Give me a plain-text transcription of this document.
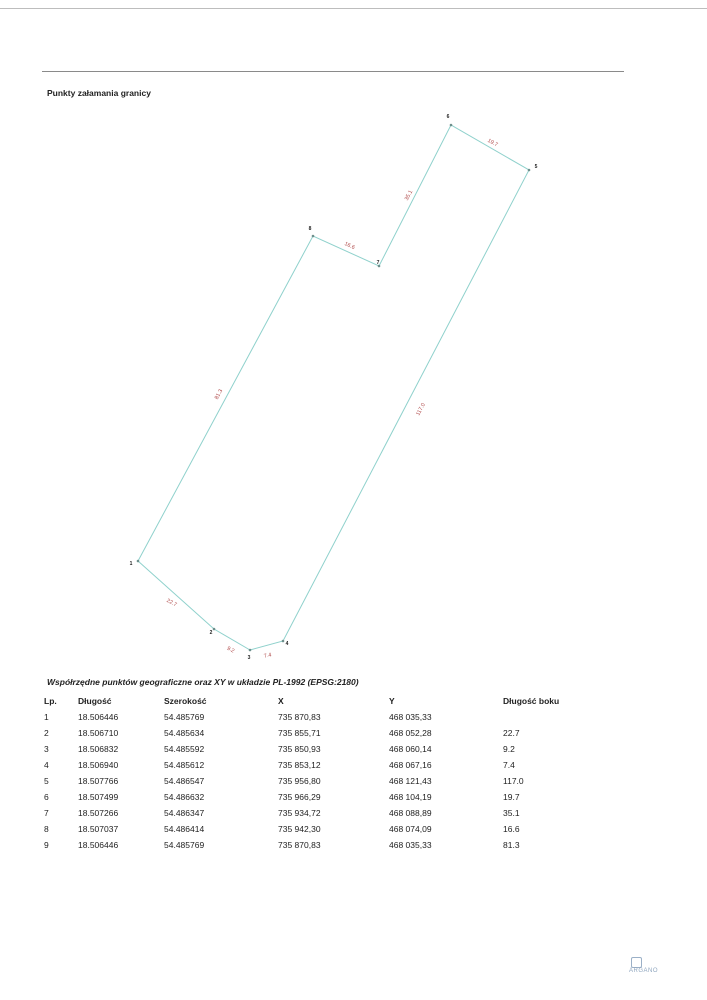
Punkty załamania granicy
1
2
3
4
5
6
7
8
22.7
9.2
7.4
117.0
19.7
35.1
16.6
81.3
Współrzędne punktów geograficzne oraz XY w układzie PL-1992 (EPSG:2180)
Lp.	Długość	Szerokość	X	Y	Długość boku
1	18.506446	54.485769	735 870,83	468 035,33	
2	18.506710	54.485634	735 855,71	468 052,28	22.7
3	18.506832	54.485592	735 850,93	468 060,14	9.2
4	18.506940	54.485612	735 853,12	468 067,16	7.4
5	18.507766	54.486547	735 956,80	468 121,43	117.0
6	18.507499	54.486632	735 966,29	468 104,19	19.7
7	18.507266	54.486347	735 934,72	468 088,89	35.1
8	18.507037	54.486414	735 942,30	468 074,09	16.6
9	18.506446	54.485769	735 870,83	468 035,33	81.3
ARGANO
